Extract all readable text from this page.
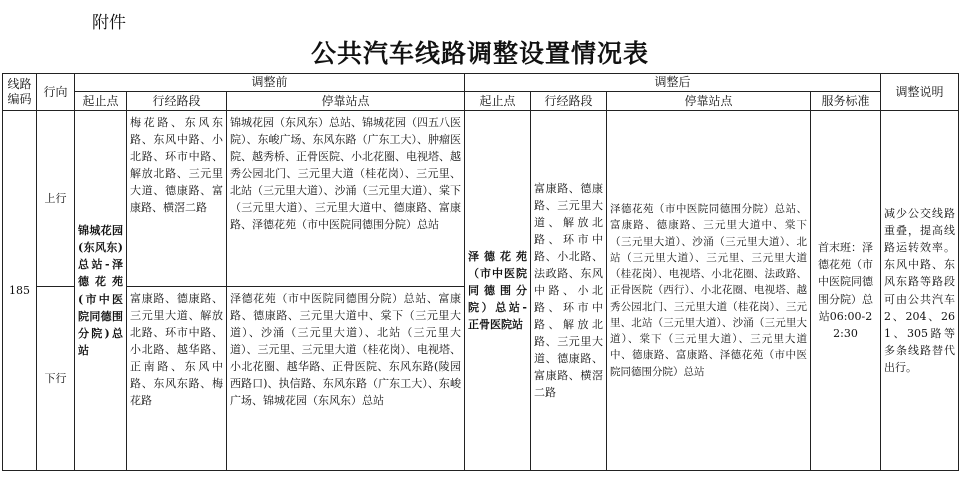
附件
公共汽车线路调整设置情况表
线路编码	行向	调整前			调整后				调整说明
		起止点	行经路段	停靠站点	起止点	行经路段	停靠站点	服务标准	
185	上行	锦城花园(东风东)总站-泽德花苑(市中医院同德围分院)总站	梅花路、东风东路、东风中路、小北路、环市中路、解放北路、三元里大道、德康路、富康路、横滘二路	锦城花园（东风东）总站、锦城花园（四五八医院）、东峻广场、东风东路（广东工大）、肿瘤医院、越秀桥、正骨医院、小北花圈、电视塔、越秀公园北门、三元里大道（桂花岗）、三元里、北站（三元里大道）、沙涌（三元里大道）、棠下（三元里大道）、三元里大道中、德康路、富康路、泽德花苑（市中医院同德围分院）总站	泽德花苑（市中医院同德围分院）总站-正骨医院站	富康路、德康路、三元里大道、解放北路、环市中路、小北路、法政路、东风中路、小北路、环市中路、解放北路、三元里大道、德康路、富康路、横滘二路	泽德花苑（市中医院同德围分院）总站、富康路、德康路、三元里大道中、棠下（三元里大道）、沙涌（三元里大道）、北站（三元里大道）、三元里、三元里大道（桂花岗）、电视塔、小北花圈、法政路、正骨医院（西行）、小北花圈、电视塔、越秀公园北门、三元里大道（桂花岗）、三元里、北站（三元里大道）、沙涌（三元里大道）、棠下（三元里大道）、三元里大道中、德康路、富康路、泽德花苑（市中医院同德围分院）总站	首末班：泽德花苑（市中医院同德围分院）总站06:00-22:30	减少公交线路重叠，提高线路运转效率。东风中路、东风东路等路段可由公共汽车2、204、261、305路等多条线路替代出行。
	下行		富康路、德康路、三元里大道、解放北路、环市中路、小北路、越华路、正南路、东风中路、东风东路、梅花路	泽德花苑（市中医院同德围分院）总站、富康路、德康路、三元里大道中、棠下（三元里大道）、沙涌（三元里大道）、北站（三元里大道）、三元里、三元里大道（桂花岗）、电视塔、小北花圈、越华路、正骨医院、东风东路(陵园西路口)、执信路、东风东路（广东工大）、东峻广场、锦城花园（东风东）总站					
